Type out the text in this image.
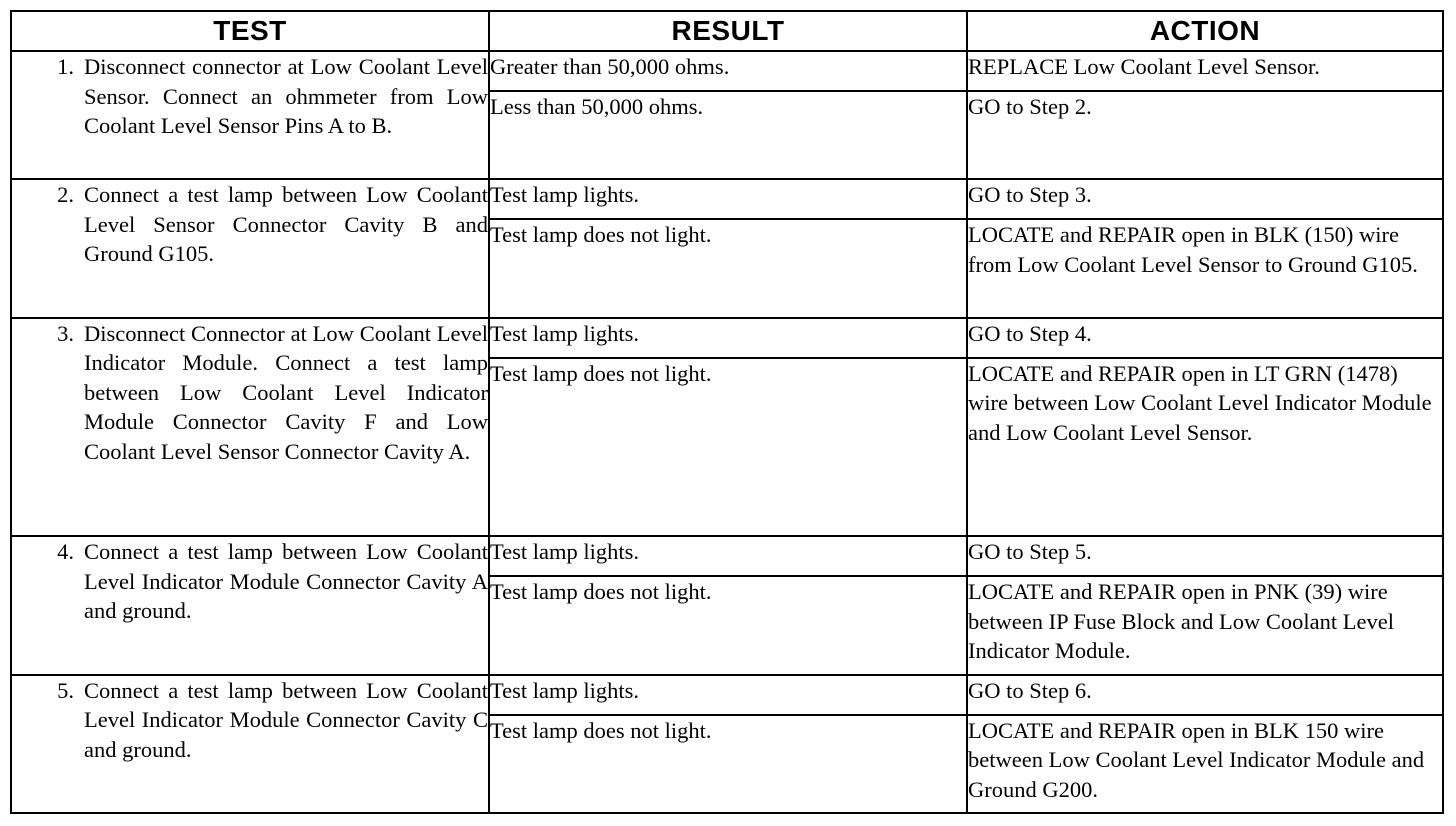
TEST	RESULT	ACTION

1. Disconnect connector at Low Coolant Level Sensor. Connect an ohmmeter from Low Coolant Level Sensor Pins A to B.	Greater than 50,000 ohms.	REPLACE Low Coolant Level Sensor.
	Less than 50,000 ohms.	GO to Step 2.

2. Connect a test lamp between Low Coolant Level Sensor Connector Cavity B and Ground G105.	Test lamp lights.	GO to Step 3.
	Test lamp does not light.	LOCATE and REPAIR open in BLK (150) wire from Low Coolant Level Sensor to Ground G105.

3. Disconnect Connector at Low Coolant Level Indicator Module. Connect a test lamp between Low Coolant Level Indicator Module Connector Cavity F and Low Coolant Level Sensor Connector Cavity A.	Test lamp lights.	GO to Step 4.
	Test lamp does not light.	LOCATE and REPAIR open in LT GRN (1478) wire between Low Coolant Level Indicator Module and Low Coolant Level Sensor.

4. Connect a test lamp between Low Coolant Level Indicator Module Connector Cavity A and ground.	Test lamp lights.	GO to Step 5.
	Test lamp does not light.	LOCATE and REPAIR open in PNK (39) wire between IP Fuse Block and Low Coolant Level Indicator Module.

5. Connect a test lamp between Low Coolant Level Indicator Module Connector Cavity C and ground.	Test lamp lights.	GO to Step 6.
	Test lamp does not light.	LOCATE and REPAIR open in BLK 150 wire between Low Coolant Level Indicator Module and Ground G200.
